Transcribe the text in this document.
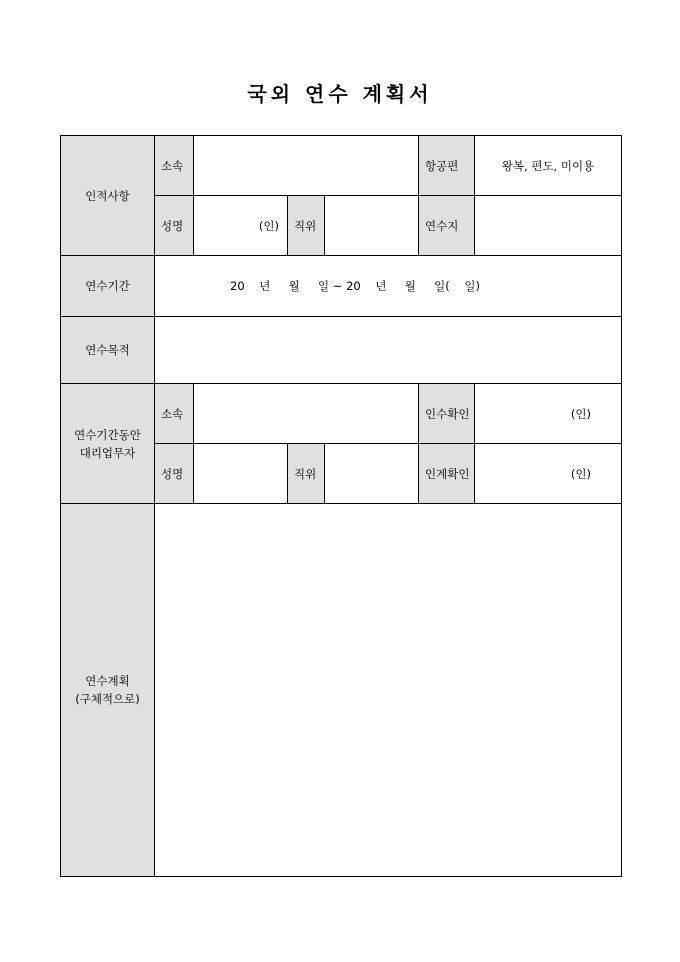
국외 연수 계획서
인적사항	소속				항공편	왕복, 편도, 미이용
	성명	(인)	직위		연수지	
연수기간	20    년     월     일 ~ 20    년     월     일(    일)					
연수목적						
연수기간동안
대리업무자	소속				인수확인	(인)
	성명		직위		인계확인	(인)
연수계획
(구체적으로)						
